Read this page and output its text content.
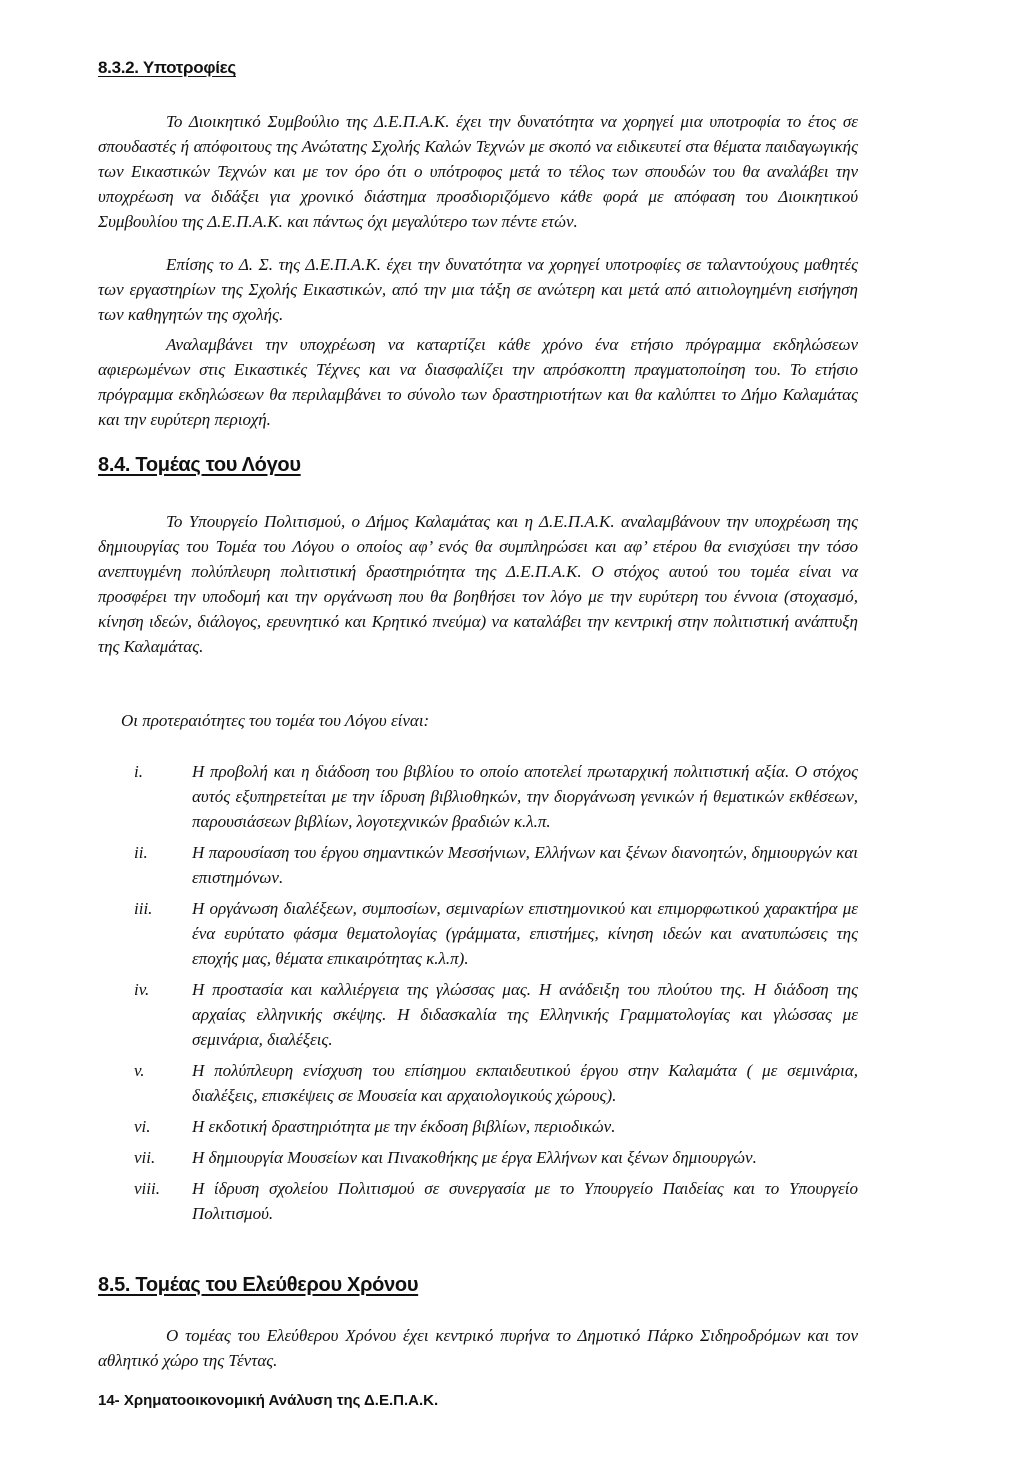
8.3.2. Υποτροφίες

Το Διοικητικό Συμβούλιο της Δ.Ε.Π.Α.Κ. έχει την δυνατότητα να χορηγεί μια υποτροφία το έτος σε σπουδαστές ή απόφοιτους της Ανώτατης Σχολής Καλών Τεχνών με σκοπό να ειδικευτεί στα θέματα παιδαγωγικής των Εικαστικών Τεχνών και με τον όρο ότι ο υπότροφος μετά το τέλος των σπουδών του θα αναλάβει την υποχρέωση να διδάξει για χρονικό διάστημα προσδιοριζόμενο κάθε φορά με απόφαση του Διοικητικού Συμβουλίου της Δ.Ε.Π.Α.Κ. και πάντως όχι μεγαλύτερο των πέντε ετών.

Επίσης το Δ. Σ. της Δ.Ε.Π.Α.Κ. έχει την δυνατότητα να χορηγεί υποτροφίες σε ταλαντούχους μαθητές των εργαστηρίων της Σχολής Εικαστικών, από την μια τάξη σε ανώτερη και μετά από αιτιολογημένη εισήγηση των καθηγητών της σχολής.

Αναλαμβάνει την υποχρέωση να καταρτίζει κάθε χρόνο ένα ετήσιο πρόγραμμα εκδηλώσεων αφιερωμένων στις Εικαστικές Τέχνες και να διασφαλίζει την απρόσκοπτη πραγματοποίηση του. Το ετήσιο πρόγραμμα εκδηλώσεων θα περιλαμβάνει το σύνολο των δραστηριοτήτων και θα καλύπτει το Δήμο Καλαμάτας και την ευρύτερη περιοχή.

8.4. Τομέας του Λόγου

Το Υπουργείο Πολιτισμού, ο Δήμος Καλαμάτας και η Δ.Ε.Π.Α.Κ. αναλαμβάνουν την υποχρέωση της δημιουργίας του Τομέα του Λόγου ο οποίος αφ’ ενός θα συμπληρώσει και αφ’ ετέρου θα ενισχύσει την τόσο ανεπτυγμένη πολύπλευρη πολιτιστική δραστηριότητα της Δ.Ε.Π.Α.Κ. Ο στόχος αυτού του τομέα είναι να προσφέρει την υποδομή και την οργάνωση που θα βοηθήσει τον λόγο με την ευρύτερη του έννοια (στοχασμό, κίνηση ιδεών, διάλογος, ερευνητικό και Κρητικό πνεύμα) να καταλάβει την κεντρική στην πολιτιστική ανάπτυξη της Καλαμάτας.

Οι προτεραιότητες του τομέα του Λόγου είναι:
i.	Η προβολή και η διάδοση του βιβλίου το οποίο αποτελεί πρωταρχική πολιτιστική αξία. Ο στόχος αυτός εξυπηρετείται με την ίδρυση βιβλιοθηκών, την διοργάνωση γενικών ή θεματικών εκθέσεων, παρουσιάσεων βιβλίων, λογοτεχνικών βραδιών κ.λ.π.
ii.	Η παρουσίαση του έργου σημαντικών Μεσσήνιων, Ελλήνων και ξένων διανοητών, δημιουργών και επιστημόνων.
iii.	Η οργάνωση διαλέξεων, συμποσίων, σεμιναρίων επιστημονικού και επιμορφωτικού χαρακτήρα με ένα ευρύτατο φάσμα θεματολογίας (γράμματα, επιστήμες, κίνηση ιδεών και ανατυπώσεις της εποχής μας, θέματα επικαιρότητας κ.λ.π).
iv.	Η προστασία και καλλιέργεια της γλώσσας μας. Η ανάδειξη του πλούτου της. Η διάδοση της αρχαίας ελληνικής σκέψης. Η διδασκαλία της Ελληνικής Γραμματολογίας και γλώσσας με σεμινάρια, διαλέξεις.
v.	Η πολύπλευρη ενίσχυση του επίσημου εκπαιδευτικού έργου στην Καλαμάτα ( με σεμινάρια, διαλέξεις, επισκέψεις σε Μουσεία και αρχαιολογικούς χώρους).
vi.	Η εκδοτική δραστηριότητα με την έκδοση βιβλίων, περιοδικών.
vii.	Η δημιουργία Μουσείων και Πινακοθήκης με έργα Ελλήνων και ξένων δημιουργών.
viii.	Η ίδρυση σχολείου Πολιτισμού σε συνεργασία με το Υπουργείο Παιδείας και το Υπουργείο Πολιτισμού.
8.5. Τομέας του Ελεύθερου Χρόνου

Ο τομέας του Ελεύθερου Χρόνου έχει κεντρικό πυρήνα το Δημοτικό Πάρκο Σιδηροδρόμων και τον αθλητικό χώρο της Τέντας.

14- Χρηματοοικονομική Ανάλυση της Δ.Ε.Π.Α.Κ.
